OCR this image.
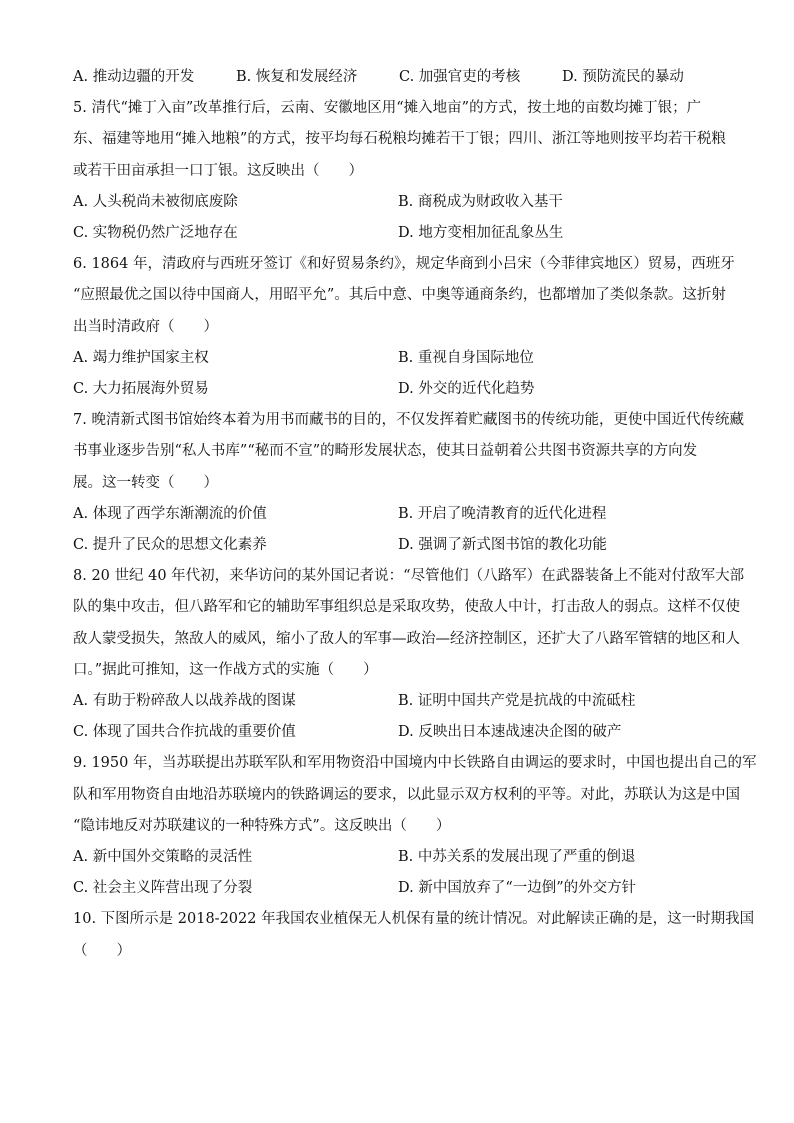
A. 推动边疆的开发	B. 恢复和发展经济	C. 加强官吏的考核	D. 预防流民的暴动
5. 清代“摊丁入亩”改革推行后，云南、安徽地区用“摊入地亩”的方式，按土地的亩数均摊丁银；广
东、福建等地用“摊入地粮”的方式，按平均每石税粮均摊若干丁银；四川、浙江等地则按平均若干税粮
或若干田亩承担一口丁银。这反映出（　　）
A. 人头税尚未被彻底废除	B. 商税成为财政收入基干
C. 实物税仍然广泛地存在	D. 地方变相加征乱象丛生
6. 1864 年，清政府与西班牙签订《和好贸易条约》，规定华商到小吕宋（今菲律宾地区）贸易，西班牙
“应照最优之国以待中国商人，用昭平允”。其后中意、中奥等通商条约，也都增加了类似条款。这折射
出当时清政府（　　）
A. 竭力维护国家主权	B. 重视自身国际地位
C. 大力拓展海外贸易	D. 外交的近代化趋势
7. 晚清新式图书馆始终本着为用书而藏书的目的，不仅发挥着贮藏图书的传统功能，更使中国近代传统藏
书事业逐步告别“私人书库”“秘而不宣”的畸形发展状态，使其日益朝着公共图书资源共享的方向发
展。这一转变（　　）
A. 体现了西学东渐潮流的价值	B. 开启了晚清教育的近代化进程
C. 提升了民众的思想文化素养	D. 强调了新式图书馆的教化功能
8. 20 世纪 40 年代初，来华访问的某外国记者说：“尽管他们（八路军）在武器装备上不能对付敌军大部
队的集中攻击，但八路军和它的辅助军事组织总是采取攻势，使敌人中计，打击敌人的弱点。这样不仅使
敌人蒙受损失，煞敌人的威风，缩小了敌人的军事—政治—经济控制区，还扩大了八路军管辖的地区和人
口。”据此可推知，这一作战方式的实施（　　）
A. 有助于粉碎敌人以战养战的图谋	B. 证明中国共产党是抗战的中流砥柱
C. 体现了国共合作抗战的重要价值	D. 反映出日本速战速决企图的破产
9. 1950 年，当苏联提出苏联军队和军用物资沿中国境内中长铁路自由调运的要求时，中国也提出自己的军
队和军用物资自由地沿苏联境内的铁路调运的要求，以此显示双方权利的平等。对此，苏联认为这是中国
“隐讳地反对苏联建议的一种特殊方式”。这反映出（　　）
A. 新中国外交策略的灵活性	B. 中苏关系的发展出现了严重的倒退
C. 社会主义阵营出现了分裂	D. 新中国放弃了“一边倒”的外交方针
10. 下图所示是 2018-2022 年我国农业植保无人机保有量的统计情况。对此解读正确的是，这一时期我国
（　　）
